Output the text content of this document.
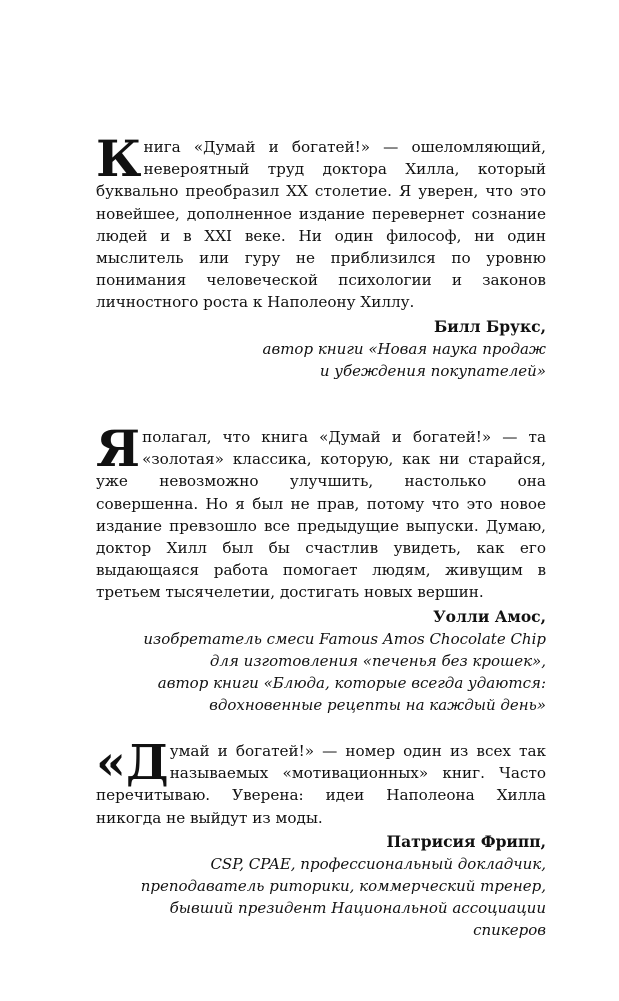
Книга «Думай и богатей!» — ошеломляющий, невероятный труд доктора Хилла, который буквально преобразил XX столетие. Я уверен, что это новейшее, дополненное издание перевернет сознание людей и в XXI веке. Ни один философ, ни один мыслитель или гуру не приблизился по уровню понимания человеческой психологии и законов личностного роста к Наполеону Хиллу.

Билл Брукс,

автор книги «Новая наука продаж
и убеждения покупателей»

Яполагал, что книга «Думай и богатей!» — та «золотая» классика, которую, как ни старайся, уже невозможно улучшить, настолько она совершенна. Но я был не прав, потому что это новое издание превзошло все предыдущие выпуски. Думаю, доктор Хилл был бы счастлив увидеть, как его выдающаяся работа помогает людям, живущим в третьем тысячелетии, достигать новых вершин.

Уолли Амос,

изобретатель смеси Famous Amos Chocolate Chip
для изготовления «печенья без крошек»,
автор книги «Блюда, которые всегда удаются:
вдохновенные рецепты на каждый день»

«Думай и богатей!» — номер один из всех так называемых «мотивационных» книг. Часто перечитываю. Уверена: идеи Наполеона Хилла никогда не выйдут из моды.

Патрисия Фрипп,

CSP, CPAE, профессиональный докладчик,
преподаватель риторики, коммерческий тренер,
бывший президент Национальной ассоциации спикеров
